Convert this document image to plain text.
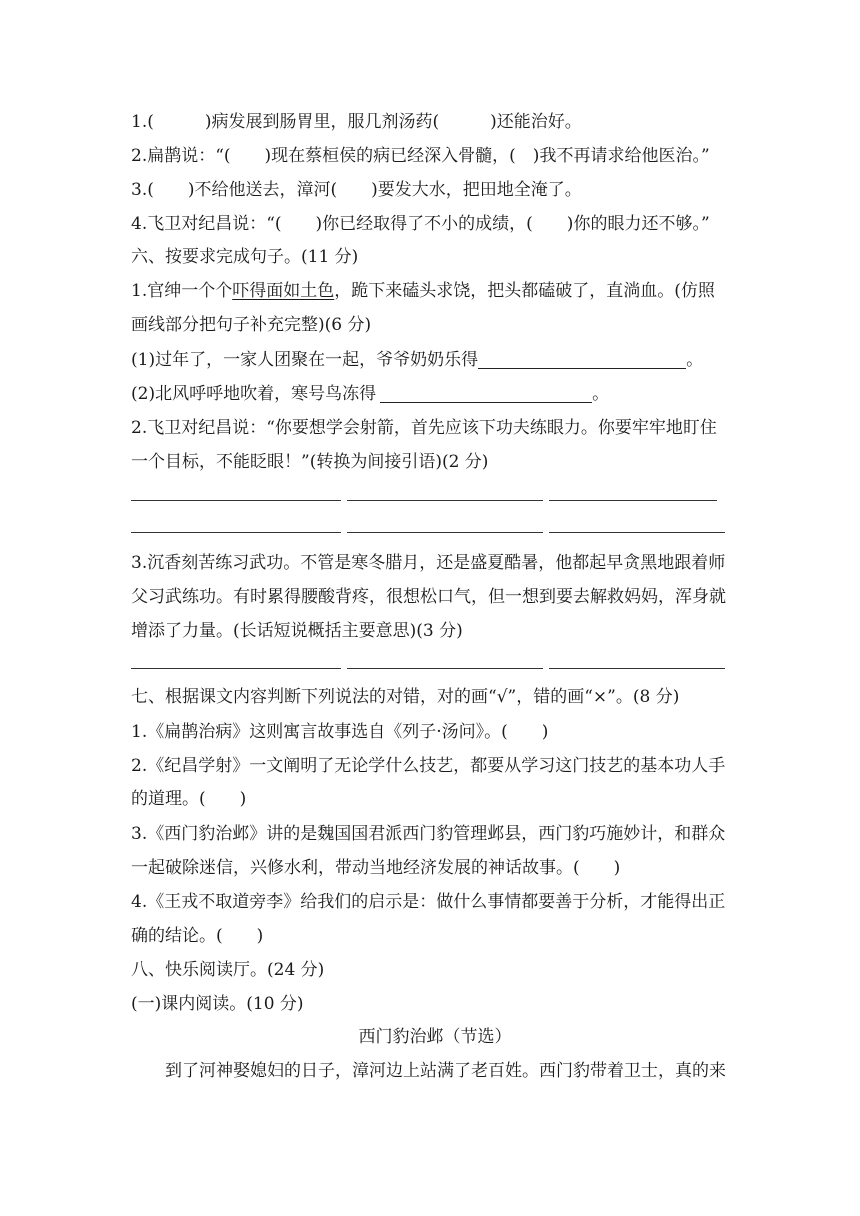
1.(　　　)病发展到肠胃里，服几剂汤药(　　　)还能治好。
2.扁鹊说：“(　　)现在蔡桓侯的病已经深入骨髓，(　)我不再请求给他医治。”
3.(　　)不给他送去，漳河(　　)要发大水，把田地全淹了。
4.飞卫对纪昌说：“(　　)你已经取得了不小的成绩，(　　)你的眼力还不够。”
六、按要求完成句子。(11 分)
1.官绅一个个吓得面如土色，跪下来磕头求饶，把头都磕破了，直淌血。(仿照
画线部分把句子补充完整)(6 分)
(1)过年了，一家人团聚在一起，爷爷奶奶乐得	。
(2)北风呼呼地吹着，寒号鸟冻得	。
2.飞卫对纪昌说：“你要想学会射箭，首先应该下功夫练眼力。你要牢牢地盯住
一个目标，不能眨眼！”(转换为间接引语)(2 分)
3.沉香刻苦练习武功。不管是寒冬腊月，还是盛夏酷暑，他都起早贪黑地跟着师
父习武练功。有时累得腰酸背疼，很想松口气，但一想到要去解救妈妈，浑身就
增添了力量。(长话短说概括主要意思)(3 分)
七、根据课文内容判断下列说法的对错，对的画“√”，错的画“×”。(8 分)
1.《扁鹊治病》这则寓言故事选自《列子·汤问》。(　　)
2.《纪昌学射》一文阐明了无论学什么技艺，都要从学习这门技艺的基本功人手
的道理。(　　)
3.《西门豹治邺》讲的是魏国国君派西门豹管理邺县，西门豹巧施妙计，和群众
一起破除迷信，兴修水利，带动当地经济发展的神话故事。(　　)
4.《王戎不取道旁李》给我们的启示是：做什么事情都要善于分析，才能得出正
确的结论。(　　)
八、快乐阅读厅。(24 分)
(一)课内阅读。(10 分)
西门豹治邺（节选）
到了河神娶媳妇的日子，漳河边上站满了老百姓。西门豹带着卫士，真的来
